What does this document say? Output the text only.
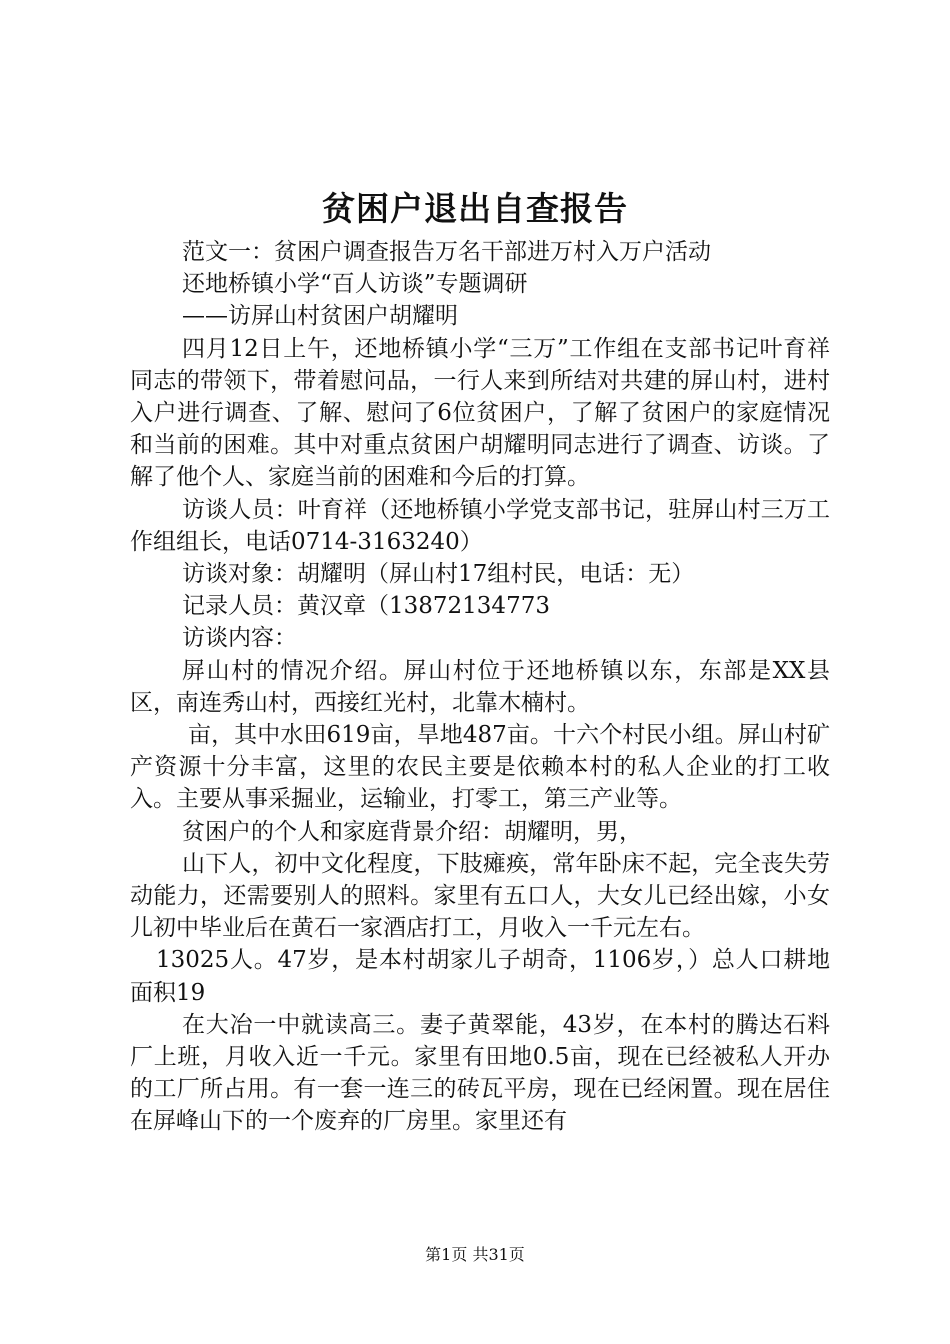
贫困户退出自查报告

范文一：贫困户调查报告万名干部进万村入万户活动

还地桥镇小学“百人访谈”专题调研

——访屏山村贫困户胡耀明

四月12日上午，还地桥镇小学“三万”工作组在支部书记叶育祥同志的带领下，带着慰问品，一行人来到所结对共建的屏山村，进村入户进行调查、了解、慰问了6位贫困户，了解了贫困户的家庭情况和当前的困难。其中对重点贫困户胡耀明同志进行了调查、访谈。了解了他个人、家庭当前的困难和今后的打算。

访谈人员：叶育祥（还地桥镇小学党支部书记，驻屏山村三万工作组组长，电话0714-3163240）

访谈对象：胡耀明（屏山村17组村民，电话：无）

记录人员：黄汉章（13872134773

访谈内容：

屏山村的情况介绍。屏山村位于还地桥镇以东，东部是XX县区，南连秀山村，西接红光村，北靠木楠村。

亩，其中水田619亩，旱地487亩。十六个村民小组。屏山村矿产资源十分丰富，这里的农民主要是依赖本村的私人企业的打工收入。主要从事采掘业，运输业，打零工，第三产业等。

贫困户的个人和家庭背景介绍：胡耀明，男，

山下人，初中文化程度，下肢瘫痪，常年卧床不起，完全丧失劳动能力，还需要别人的照料。家里有五口人，大女儿已经出嫁，小女儿初中毕业后在黄石一家酒店打工，月收入一千元左右。

13025人。47岁，是本村胡家儿子胡奇，1106岁，）总人口耕地面积19

在大冶一中就读高三。妻子黄翠能，43岁，在本村的腾达石料厂上班，月收入近一千元。家里有田地0.5亩，现在已经被私人开办的工厂所占用。有一套一连三的砖瓦平房，现在已经闲置。现在居住在屏峰山下的一个废弃的厂房里。家里还有

第1页 共31页
